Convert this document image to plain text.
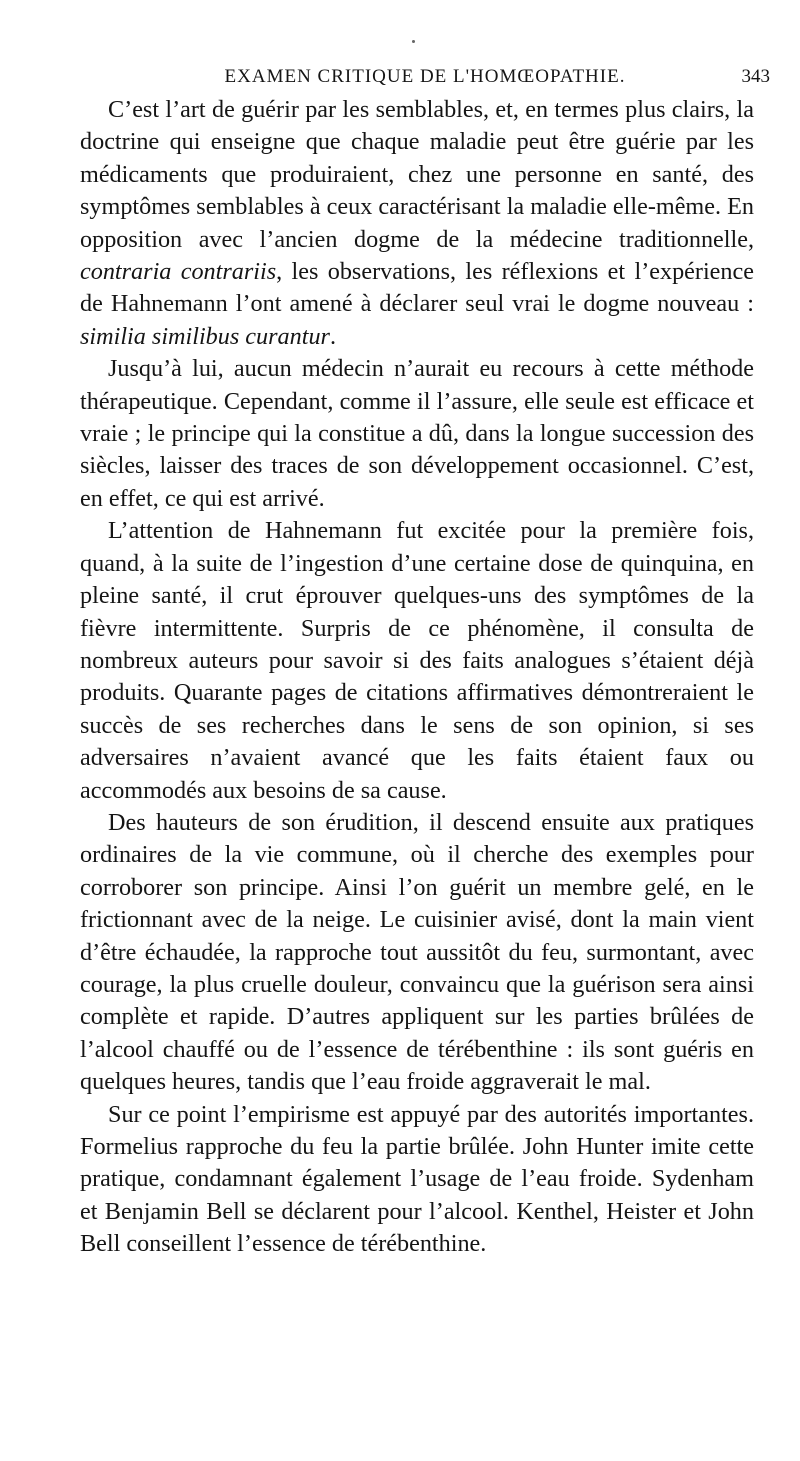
EXAMEN CRITIQUE DE L'HOMŒOPATHIE.	343

C’est l’art de guérir par les semblables, et, en termes plus clairs, la doctrine qui enseigne que chaque maladie peut être guérie par les médicaments que produiraient, chez une personne en santé, des symptômes semblables à ceux caractérisant la maladie elle-même. En opposition avec l’ancien dogme de la médecine traditionnelle, contraria contrariis, les observations, les réflexions et l’expérience de Hahnemann l’ont amené à déclarer seul vrai le dogme nouveau : similia similibus curantur.

Jusqu’à lui, aucun médecin n’aurait eu recours à cette méthode thérapeutique. Cependant, comme il l’assure, elle seule est efficace et vraie ; le principe qui la constitue a dû, dans la longue succession des siècles, laisser des traces de son développement occasionnel. C’est, en effet, ce qui est arrivé.

L’attention de Hahnemann fut excitée pour la première fois, quand, à la suite de l’ingestion d’une certaine dose de quinquina, en pleine santé, il crut éprouver quelques-uns des symptômes de la fièvre intermittente. Surpris de ce phénomène, il consulta de nombreux auteurs pour savoir si des faits analogues s’étaient déjà produits. Quarante pages de citations affirmatives démontreraient le succès de ses recherches dans le sens de son opinion, si ses adversaires n’avaient avancé que les faits étaient faux ou accommodés aux besoins de sa cause.

Des hauteurs de son érudition, il descend ensuite aux pratiques ordinaires de la vie commune, où il cherche des exemples pour corroborer son principe. Ainsi l’on guérit un membre gelé, en le frictionnant avec de la neige. Le cuisinier avisé, dont la main vient d’être échaudée, la rapproche tout aussitôt du feu, surmontant, avec courage, la plus cruelle douleur, convaincu que la guérison sera ainsi complète et rapide. D’autres appliquent sur les parties brûlées de l’alcool chauffé ou de l’essence de térébenthine : ils sont guéris en quelques heures, tandis que l’eau froide aggraverait le mal.

Sur ce point l’empirisme est appuyé par des autorités importantes. Formelius rapproche du feu la partie brûlée. John Hunter imite cette pratique, condamnant également l’usage de l’eau froide. Sydenham et Benjamin Bell se déclarent pour l’alcool. Kenthel, Heister et John Bell conseillent l’essence de térébenthine.
